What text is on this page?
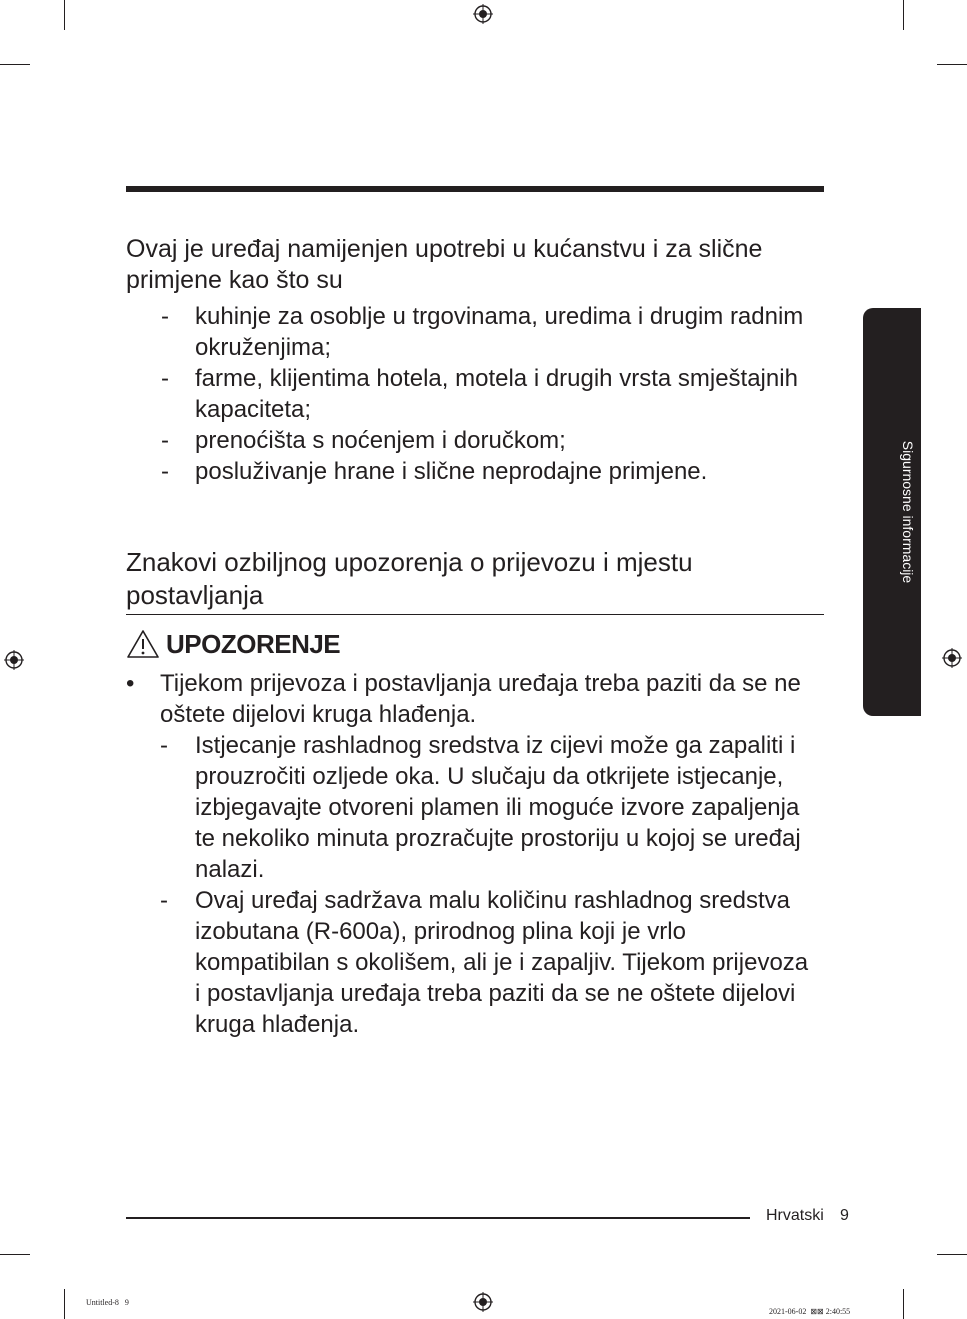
Ovaj je uređaj namijenjen upotrebi u kućanstvu i za slične primjene kao što su
- kuhinje za osoblje u trgovinama, uredima i drugim radnim okruženjima;
- farme, klijentima hotela, motela i drugih vrsta smještajnih kapaciteta;
- prenoćišta s noćenjem i doručkom;
- posluživanje hrane i slične neprodajne primjene.
Znakovi ozbiljnog upozorenja o prijevozu i mjestu postavljanja
UPOZORENJE
• Tijekom prijevoza i postavljanja uređaja treba paziti da se ne oštete dijelovi kruga hlađenja.
- Istjecanje rashladnog sredstva iz cijevi može ga zapaliti i prouzročiti ozljede oka. U slučaju da otkrijete istjecanje, izbjegavajte otvoreni plamen ili moguće izvore zapaljenja te nekoliko minuta prozračujte prostoriju u kojoj se uređaj nalazi.
- Ovaj uređaj sadržava malu količinu rashladnog sredstva izobutana (R-600a), prirodnog plina koji je vrlo kompatibilan s okolišem, ali je i zapaljiv. Tijekom prijevoza i postavljanja uređaja treba paziti da se ne oštete dijelovi kruga hlađenja.
Sigurnosne informacije
Hrvatski 9
Untitled-8   9

2021-06-02 ⊠⊠ 2:40:55
